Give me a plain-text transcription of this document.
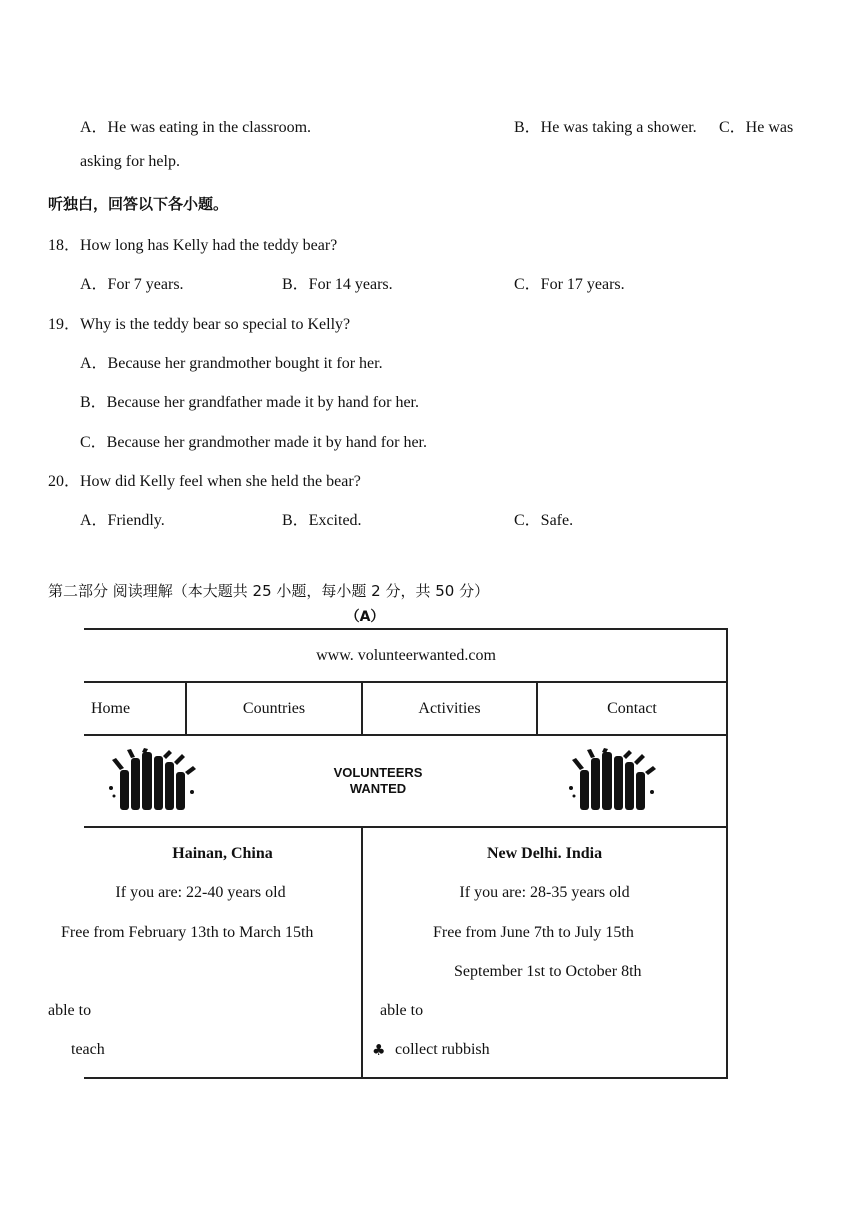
A．He was eating in the classroom.	B．He was taking a shower. C．He was
asking for help.
听独白，回答以下各小题。
18．How long has Kelly had the teddy bear?
A．For 7 years.	B．For 14 years.	C．For 17 years.
19．Why is the teddy bear so special to Kelly?
A．Because her grandmother bought it for her.
B．Because her grandfather made it by hand for her.
C．Because her grandmother made it by hand for her.
20．How did Kelly feel when she held the bear?
A．Friendly.	B．Excited.	C．Safe.
第二部分 阅读理解（本大题共 25 小题，每小题 2 分，共 50 分）
（A）
www. volunteerwanted.com
Home	Countries	Activities	Contact
VOLUNTEERS
WANTED
Hainan, China
If you are: 22-40 years old
Free from February 13th to March 15th
able to
teach
New Delhi. India
If you are: 28-35 years old
Free from June 7th to July 15th
September 1st to October 8th
able to
♣ collect rubbish
